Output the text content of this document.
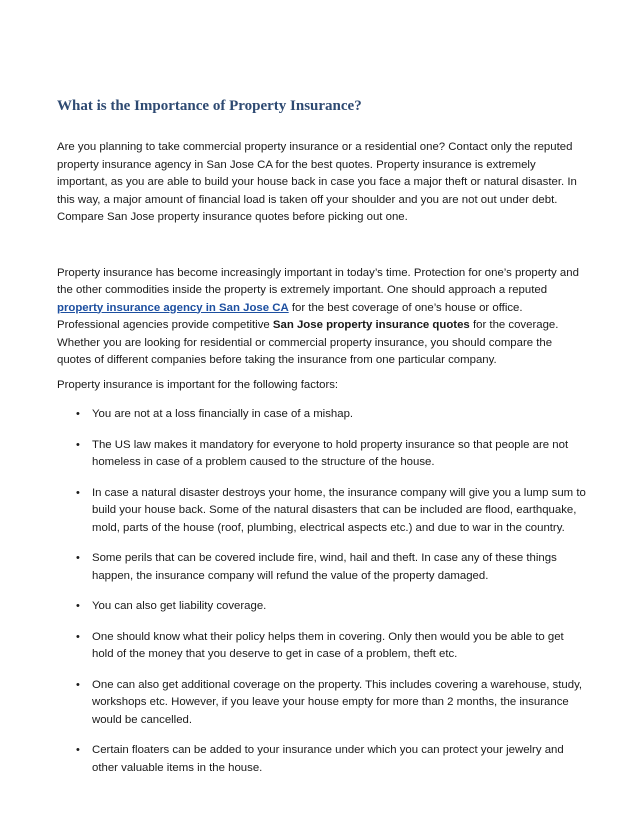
What is the Importance of Property Insurance?

Are you planning to take commercial property insurance or a residential one? Contact only the reputed property insurance agency in San Jose CA for the best quotes. Property insurance is extremely important, as you are able to build your house back in case you face a major theft or natural disaster. In this way, a major amount of financial load is taken off your shoulder and you are not out under debt. Compare San Jose property insurance quotes before picking out one.

Property insurance has become increasingly important in today’s time. Protection for one’s property and the other commodities inside the property is extremely important. One should approach a reputed property insurance agency in San Jose CA for the best coverage of one’s house or office. Professional agencies provide competitive San Jose property insurance quotes for the coverage. Whether you are looking for residential or commercial property insurance, you should compare the quotes of different companies before taking the insurance from one particular company.

Property insurance is important for the following factors:

• You are not at a loss financially in case of a mishap.
• The US law makes it mandatory for everyone to hold property insurance so that people are not homeless in case of a problem caused to the structure of the house.
• In case a natural disaster destroys your home, the insurance company will give you a lump sum to build your house back. Some of the natural disasters that can be included are flood, earthquake, mold, parts of the house (roof, plumbing, electrical aspects etc.) and due to war in the country.
• Some perils that can be covered include fire, wind, hail and theft. In case any of these things happen, the insurance company will refund the value of the property damaged.
• You can also get liability coverage.
• One should know what their policy helps them in covering. Only then would you be able to get hold of the money that you deserve to get in case of a problem, theft etc.
• One can also get additional coverage on the property. This includes covering a warehouse, study, workshops etc. However, if you leave your house empty for more than 2 months, the insurance would be cancelled.
• Certain floaters can be added to your insurance under which you can protect your jewelry and other valuable items in the house.
